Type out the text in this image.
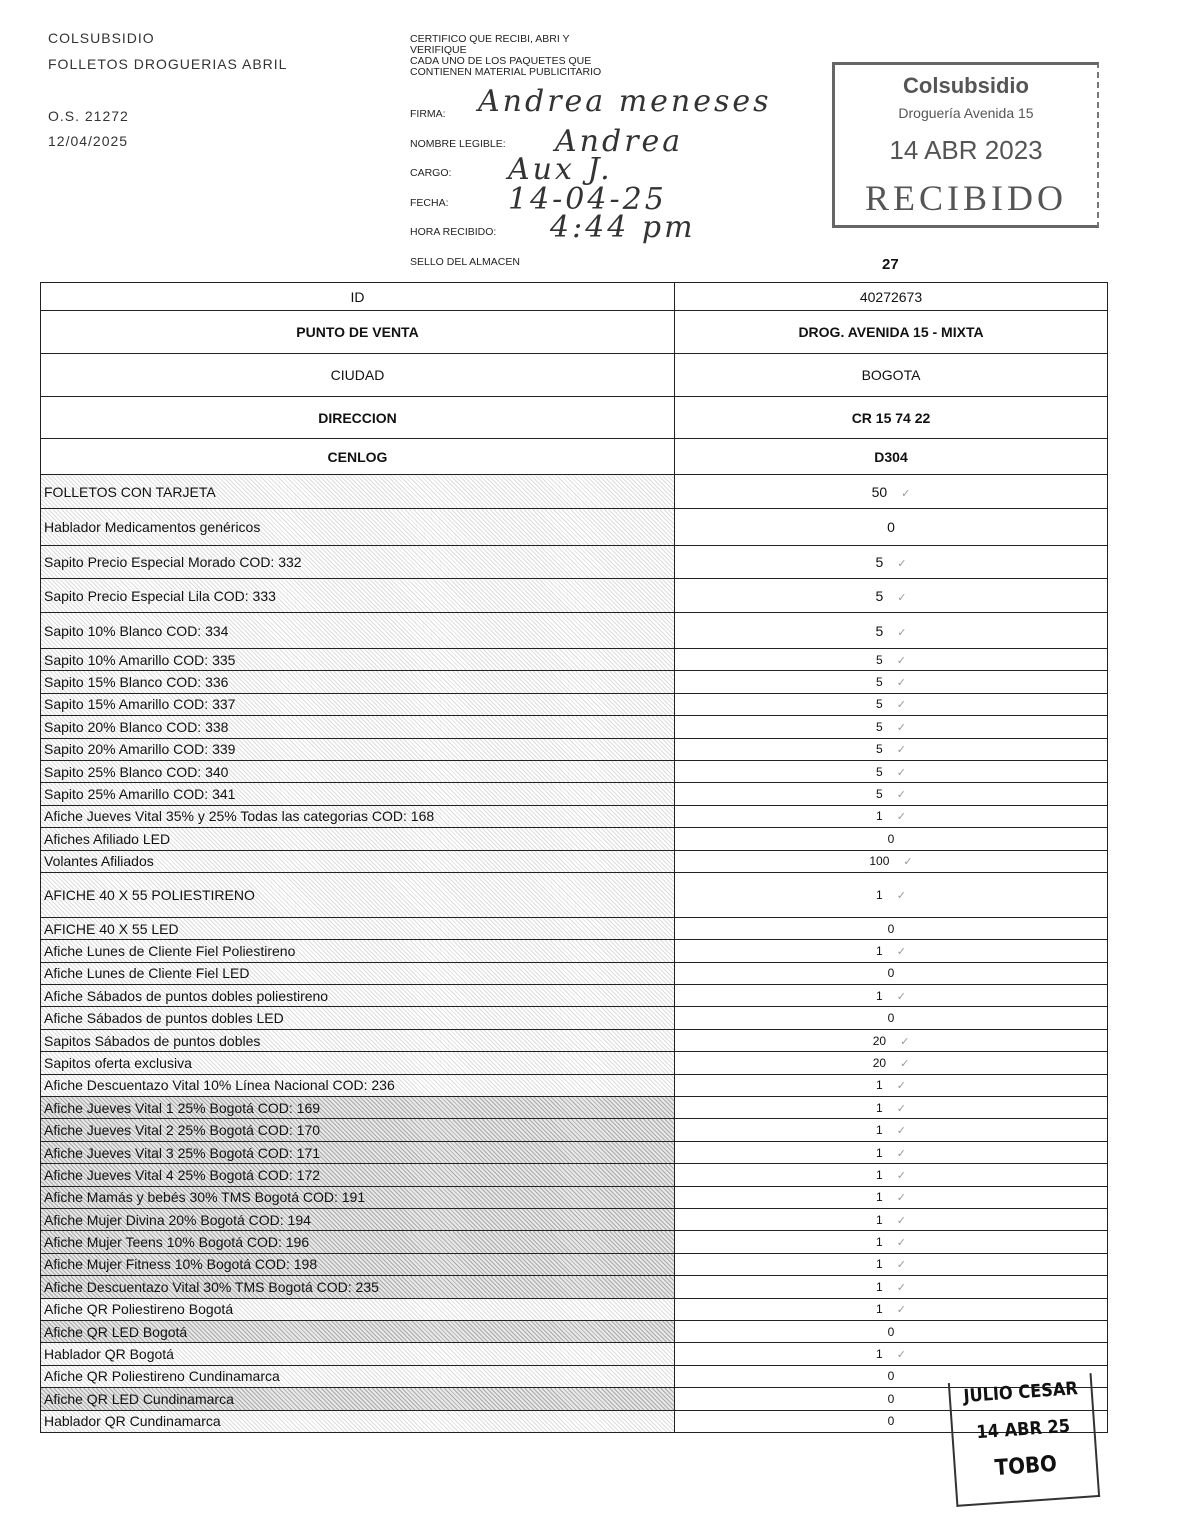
COLSUBSIDIO
FOLLETOS DROGUERIAS ABRIL
O.S. 21272
12/04/2025
CERTIFICO QUE RECIBI, ABRI Y
VERIFIQUE
CADA UNO DE LOS PAQUETES QUE
CONTIENEN MATERIAL PUBLICITARIO
FIRMA: Andrea meneses
NOMBRE LEGIBLE: Andrea
CARGO: Aux J.
FECHA: 14-04-25
HORA RECIBIDO: 4:44 pm
SELLO DEL ALMACEN
Colsubsidio
Droguería Avenida 15
14 ABR 2023
RECIBIDO
27
ID	40272673
PUNTO DE VENTA	DROG. AVENIDA 15 - MIXTA
CIUDAD	BOGOTA
DIRECCION	CR 15 74 22
CENLOG	D304
FOLLETOS CON TARJETA	50 ✓
Hablador Medicamentos genéricos	0
Sapito Precio Especial Morado COD: 332	5 ✓
Sapito Precio Especial Lila COD: 333	5 ✓
Sapito 10% Blanco COD: 334	5 ✓
Sapito 10% Amarillo COD: 335	5 ✓
Sapito 15% Blanco COD: 336	5 ✓
Sapito 15% Amarillo COD: 337	5 ✓
Sapito 20% Blanco COD: 338	5 ✓
Sapito 20% Amarillo COD: 339	5 ✓
Sapito 25% Blanco COD: 340	5 ✓
Sapito 25% Amarillo COD: 341	5 ✓
Afiche Jueves Vital 35% y 25% Todas las categorias COD: 168	1 ✓
Afiches Afiliado LED	0
Volantes Afiliados	100 ✓
AFICHE 40 X 55 POLIESTIRENO	1 ✓
AFICHE 40 X 55 LED	0
Afiche Lunes de Cliente Fiel Poliestireno	1 ✓
Afiche Lunes de Cliente Fiel LED	0
Afiche Sábados de puntos dobles poliestireno	1 ✓
Afiche Sábados de puntos dobles LED	0
Sapitos Sábados de puntos dobles	20 ✓
Sapitos oferta exclusiva	20 ✓
Afiche Descuentazo Vital 10% Línea Nacional COD: 236	1 ✓
Afiche Jueves Vital 1 25% Bogotá COD: 169	1 ✓
Afiche Jueves Vital 2 25% Bogotá COD: 170	1 ✓
Afiche Jueves Vital 3 25% Bogotá COD: 171	1 ✓
Afiche Jueves Vital 4 25% Bogotá COD: 172	1 ✓
Afiche Mamás y bebés 30% TMS Bogotá COD: 191	1 ✓
Afiche Mujer Divina 20% Bogotá COD: 194	1 ✓
Afiche Mujer Teens 10% Bogotá COD: 196	1 ✓
Afiche Mujer Fitness 10% Bogotá COD: 198	1 ✓
Afiche Descuentazo Vital 30% TMS Bogotá COD: 235	1 ✓
Afiche QR Poliestireno Bogotá	1 ✓
Afiche QR LED Bogotá	0
Hablador QR Bogotá	1 ✓
Afiche QR Poliestireno Cundinamarca	0
Afiche QR LED Cundinamarca	0
Hablador QR Cundinamarca	0
JULIO CESAR
14 ABR 25
TOBO
